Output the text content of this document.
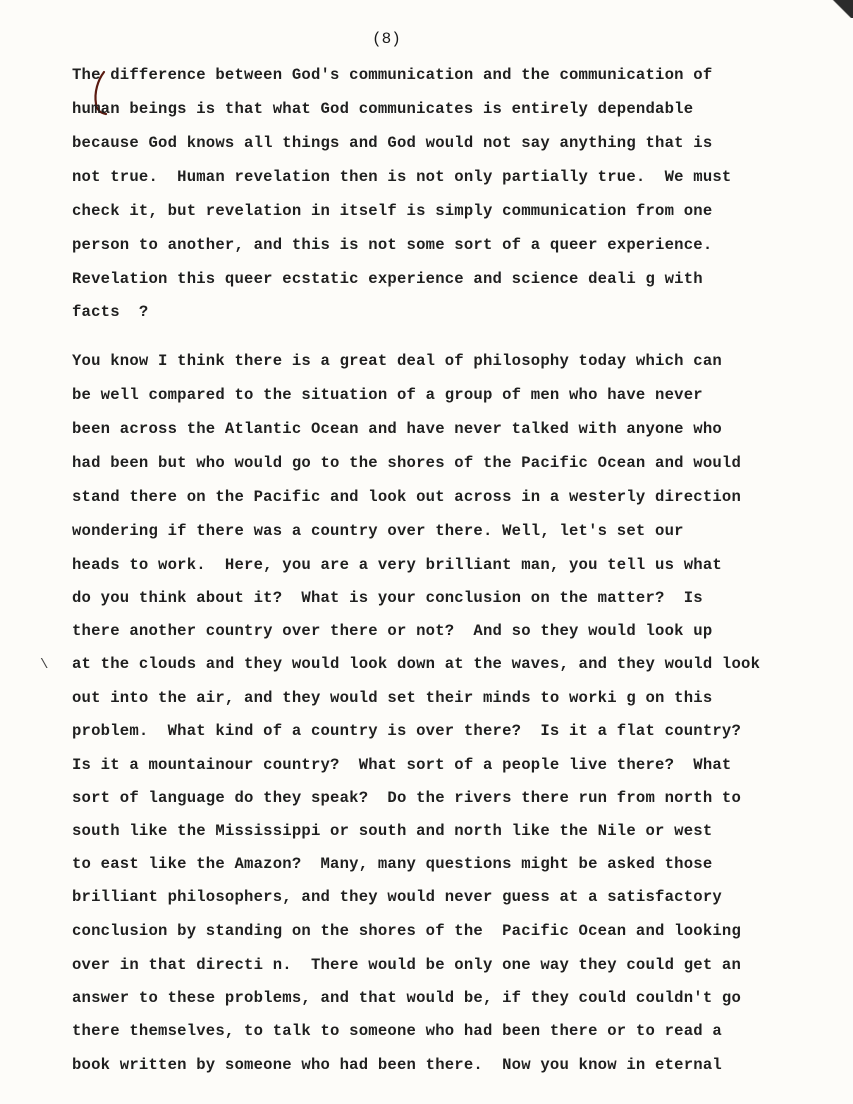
(8)
\
The difference between God's communication and the communication of
human beings is that what God communicates is entirely dependable
because God knows all things and God would not say anything that is
not true.  Human revelation then is not only partially true.  We must
check it, but revelation in itself is simply communication from one
person to another, and this is not some sort of a queer experience.
Revelation this queer ecstatic experience and science deali g with
facts  ?
You know I think there is a great deal of philosophy today which can
be well compared to the situation of a group of men who have never
been across the Atlantic Ocean and have never talked with anyone who
had been but who would go to the shores of the Pacific Ocean and would
stand there on the Pacific and look out across in a westerly direction
wondering if there was a country over there. Well, let's set our
heads to work.  Here, you are a very brilliant man, you tell us what
do you think about it?  What is your conclusion on the matter?  Is
there another country over there or not?  And so they would look up
at the clouds and they would look down at the waves, and they would look
out into the air, and they would set their minds to worki g on this
problem.  What kind of a country is over there?  Is it a flat country?
Is it a mountainour country?  What sort of a people live there?  What
sort of language do they speak?  Do the rivers there run from north to
south like the Mississippi or south and north like the Nile or west
to east like the Amazon?  Many, many questions might be asked those
brilliant philosophers, and they would never guess at a satisfactory
conclusion by standing on the shores of the  Pacific Ocean and looking
over in that directi n.  There would be only one way they could get an
answer to these problems, and that would be, if they could couldn't go
there themselves, to talk to someone who had been there or to read a
book written by someone who had been there.  Now you know in eternal
